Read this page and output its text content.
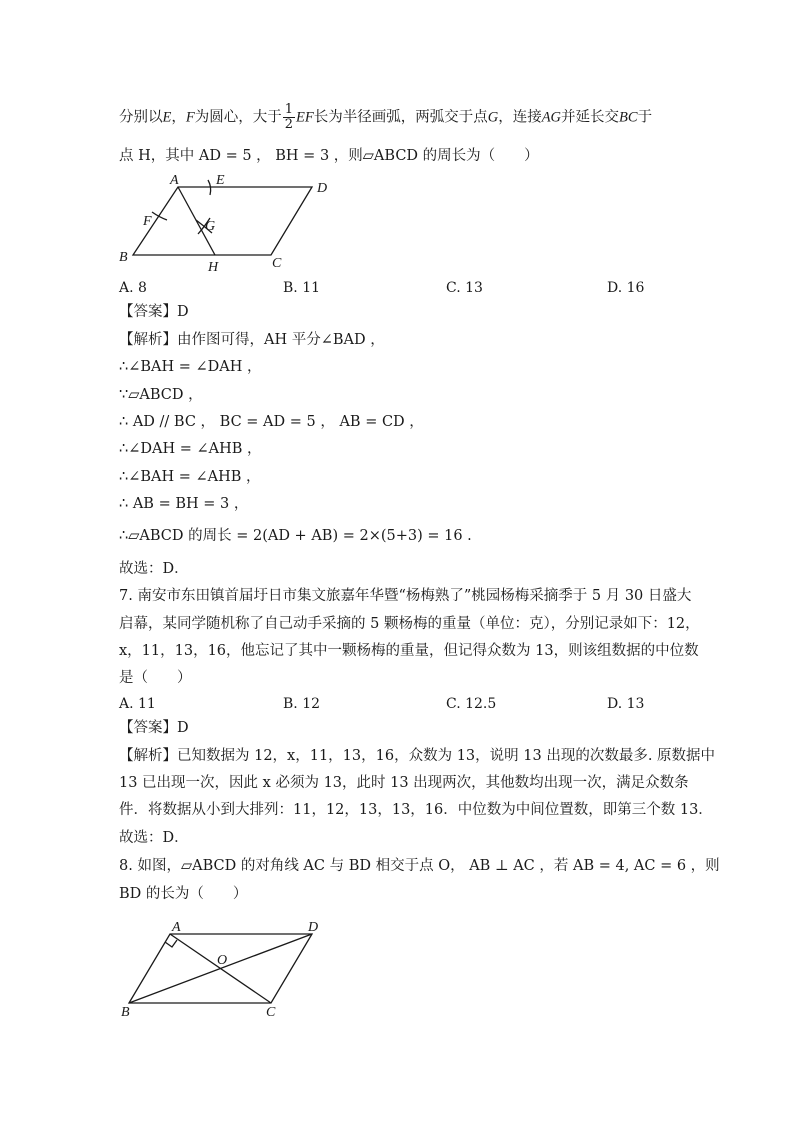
分别以E，F为圆心，大于 $\frac{1}{2}$ EF长为半径画弧，两弧交于点G，连接AG并延长交BC于
点 H，其中 AD = 5 ， BH = 3 ，则▱ABCD 的周长为（　　）
A	E
D
F	G
B
H	C
A. 8	B. 11	C. 13	D. 16
【答案】D
【解析】由作图可得，AH 平分∠BAD ，
∴∠BAH = ∠DAH ，
∵▱ABCD ，
∴ AD // BC ， BC = AD = 5 ， AB = CD ，
∴∠DAH = ∠AHB ，
∴∠BAH = ∠AHB ，
∴ AB = BH = 3 ，
∴▱ABCD 的周长 = 2(AD + AB) = 2×(5+3) = 16 .
故选：D．
7. 南安市东田镇首届圩日市集文旅嘉年华暨“杨梅熟了”桃园杨梅采摘季于 5 月 30 日盛大
启幕，某同学随机称了自己动手采摘的 5 颗杨梅的重量（单位：克），分别记录如下：12，
x，11，13，16，他忘记了其中一颗杨梅的重量，但记得众数为 13，则该组数据的中位数
是（　　）
A. 11	B. 12	C. 12.5	D. 13
【答案】D
【解析】已知数据为 12，x，11，13，16，众数为 13，说明 13 出现的次数最多. 原数据中
13 已出现一次，因此 x 必须为 13，此时 13 出现两次，其他数均出现一次，满足众数条
件．将数据从小到大排列：11，12，13，13，16．中位数为中间位置数，即第三个数 13．
故选：D．
8. 如图，▱ABCD 的对角线 AC 与 BD 相交于点 O， AB ⊥ AC ，若 AB = 4, AC = 6 ，则
BD 的长为（　　）
A	D
O
B	C
